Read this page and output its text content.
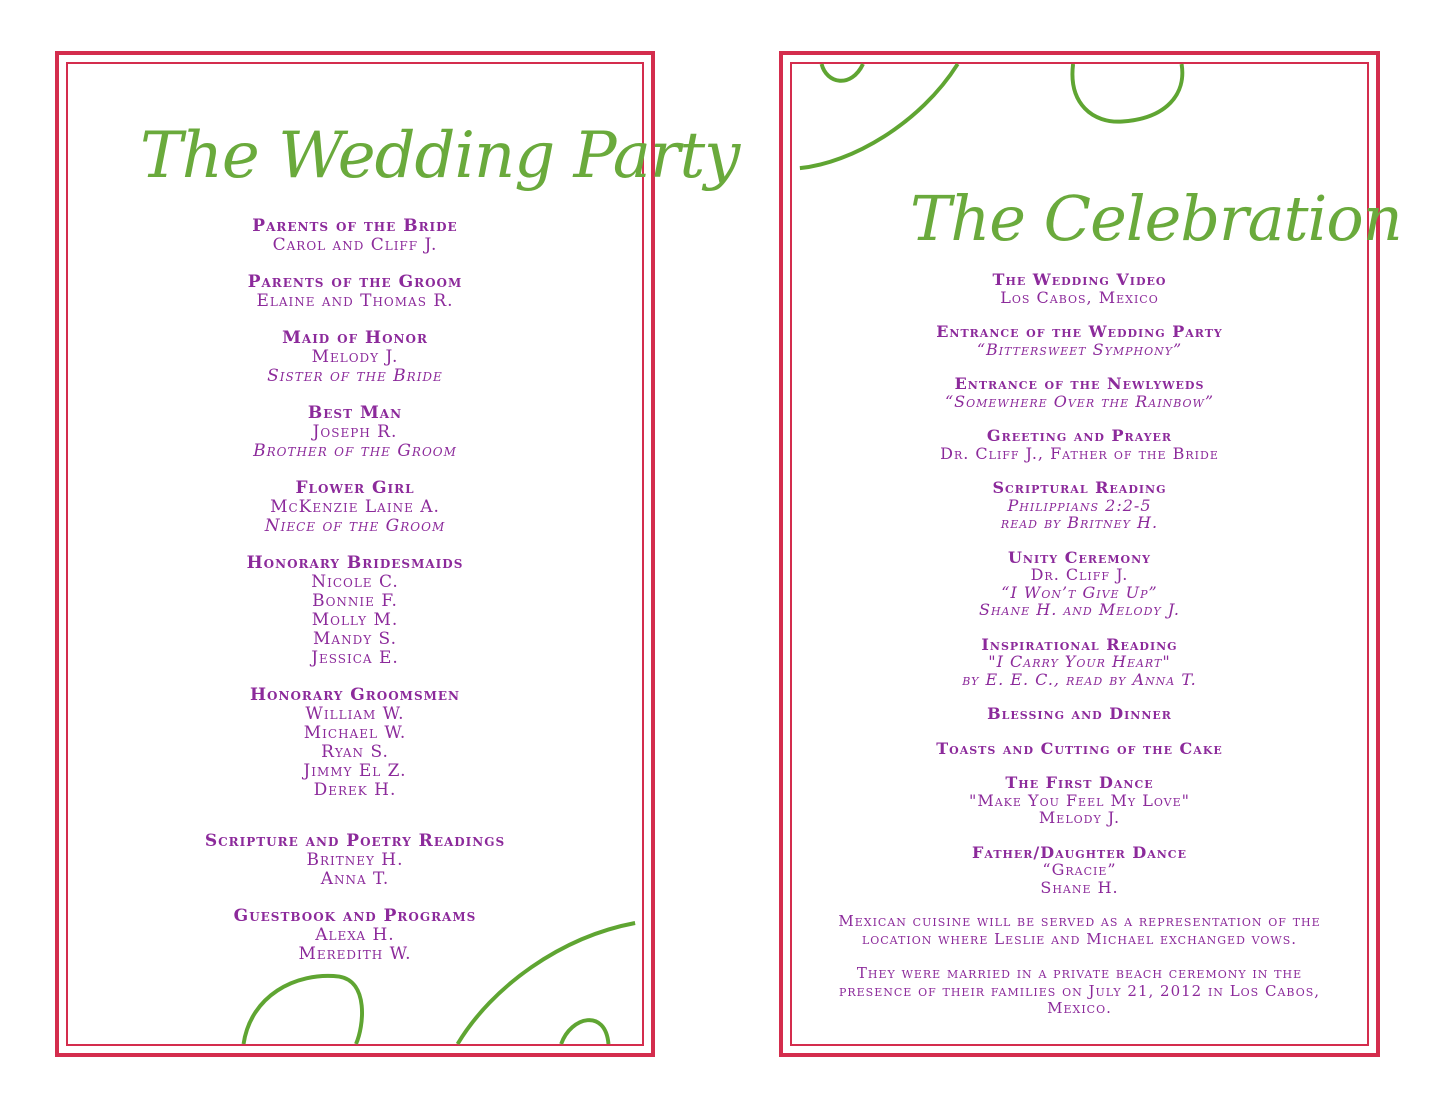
The Wedding Party
Parents of the Bride
Carol and Cliff J.
Parents of the Groom
Elaine and Thomas R.
Maid of Honor
Melody J.
Sister of the Bride
Best Man
Joseph R.
Brother of the Groom
Flower Girl
McKenzie Laine A.
Niece of the Groom
Honorary Bridesmaids
Nicole C.
Bonnie F.
Molly M.
Mandy S.
Jessica E.
Honorary Groomsmen
William W.
Michael W.
Ryan S.
Jimmy El Z.
Derek H.
Scripture and Poetry Readings
Britney H.
Anna T.
Guestbook and Programs
Alexa H.
Meredith W.
The Celebration
The Wedding Video
Los Cabos, Mexico
Entrance of the Wedding Party
“Bittersweet Symphony”
Entrance of the Newlyweds
“Somewhere Over the Rainbow”
Greeting and Prayer
Dr. Cliff J., Father of the Bride
Scriptural Reading
Philippians 2:2-5
read by Britney H.
Unity Ceremony
Dr. Cliff J.
“I Won’t Give Up”
Shane H. and Melody J.
Inspirational Reading
"I Carry Your Heart"
by E. E. C., read by Anna T.
Blessing and Dinner
Toasts and Cutting of the Cake
The First Dance
"Make You Feel My Love"
Melody J.
Father/Daughter Dance
“Gracie”
Shane H.
Mexican cuisine will be served as a representation of the location where Leslie and Michael exchanged vows.
They were married in a private beach ceremony in the presence of their families on July 21, 2012 in Los Cabos, Mexico.
